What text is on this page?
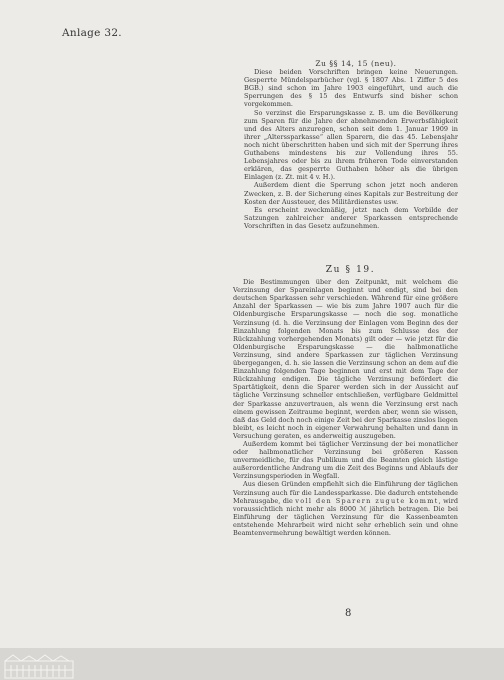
Anlage 32.

Zu §§ 14, 15 (neu).

Diese beiden Vorschriften bringen keine Neuerungen. Gesperrte Mündelsparbücher (vgl. § 1807 Abs. 1 Ziffer 5 des BGB.) sind schon im Jahre 1903 eingeführt, und auch die Sperrungen des § 15 des Entwurfs sind bisher schon vorgekommen.

So verzinst die Ersparungskasse z. B. um die Bevölkerung zum Sparen für die Jahre der abnehmenden Erwerbsfähigkeit und des Alters anzuregen, schon seit dem 1. Januar 1909 in ihrer „Alterssparkasse“ allen Sparern, die das 45. Lebensjahr noch nicht überschritten haben und sich mit der Sperrung ihres Guthabens mindestens bis zur Vollendung ihres 55. Lebensjahres oder bis zu ihrem früheren Tode einverstanden erklären, das gesperrte Guthaben höher als die übrigen Einlagen (z. Zt. mit 4 v. H.).

Außerdem dient die Sperrung schon jetzt noch anderen Zwecken, z. B. der Sicherung eines Kapitals zur Bestreitung der Kosten der Aussteuer, des Militärdienstes usw.

Es erscheint zweckmäßig, jetzt nach dem Vorbilde der Satzungen zahlreicher anderer Sparkassen entsprechende Vorschriften in das Gesetz aufzunehmen.

Zu § 19.

Die Bestimmungen über den Zeitpunkt, mit welchem die Verzinsung der Spareinlagen beginnt und endigt, sind bei den deutschen Sparkassen sehr verschieden. Während für eine größere Anzahl der Sparkassen — wie bis zum Jahre 1907 auch für die Oldenburgische Ersparungskasse — noch die sog. monatliche Verzinsung (d. h. die Verzinsung der Einlagen vom Beginn des der Einzahlung folgenden Monats bis zum Schlusse des der Rückzahlung vorhergehenden Monats) gilt oder — wie jetzt für die Oldenburgische Ersparungskasse — die halbmonatliche Verzinsung, sind andere Sparkassen zur täglichen Verzinsung übergegangen, d. h. sie lassen die Verzinsung schon an dem auf die Einzahlung folgenden Tage beginnen und erst mit dem Tage der Rückzahlung endigen. Die tägliche Verzinsung befördert die Spartätigkeit, denn die Sparer werden sich in der Aussicht auf tägliche Verzinsung schneller entschließen, verfügbare Geldmittel der Sparkasse anzuvertrauen, als wenn die Verzinsung erst nach einem gewissen Zeitraume beginnt, werden aber, wenn sie wissen, daß das Geld doch noch einige Zeit bei der Sparkasse zinslos liegen bleibt, es leicht noch in eigener Verwahrung behalten und dann in Versuchung geraten, es anderweitig auszugeben.

Außerdem kommt bei täglicher Verzinsung der bei monatlicher oder halbmonatlicher Verzinsung bei größeren Kassen unvermeidliche, für das Publikum und die Beamten gleich lästige außerordentliche Andrang um die Zeit des Beginns und Ablaufs der Verzinsungsperioden in Wegfall.

Aus diesen Gründen empfiehlt sich die Einführung der täglichen Verzinsung auch für die Landessparkasse. Die dadurch entstehende Mehrausgabe, die voll den Sparern zugute kommt, wird voraussichtlich nicht mehr als 8000 ℳ jährlich betragen. Die bei Einführung der täglichen Verzinsung für die Kassenbeamten entstehende Mehrarbeit wird nicht sehr erheblich sein und ohne Beamtenvermehrung bewältigt werden können.

8
